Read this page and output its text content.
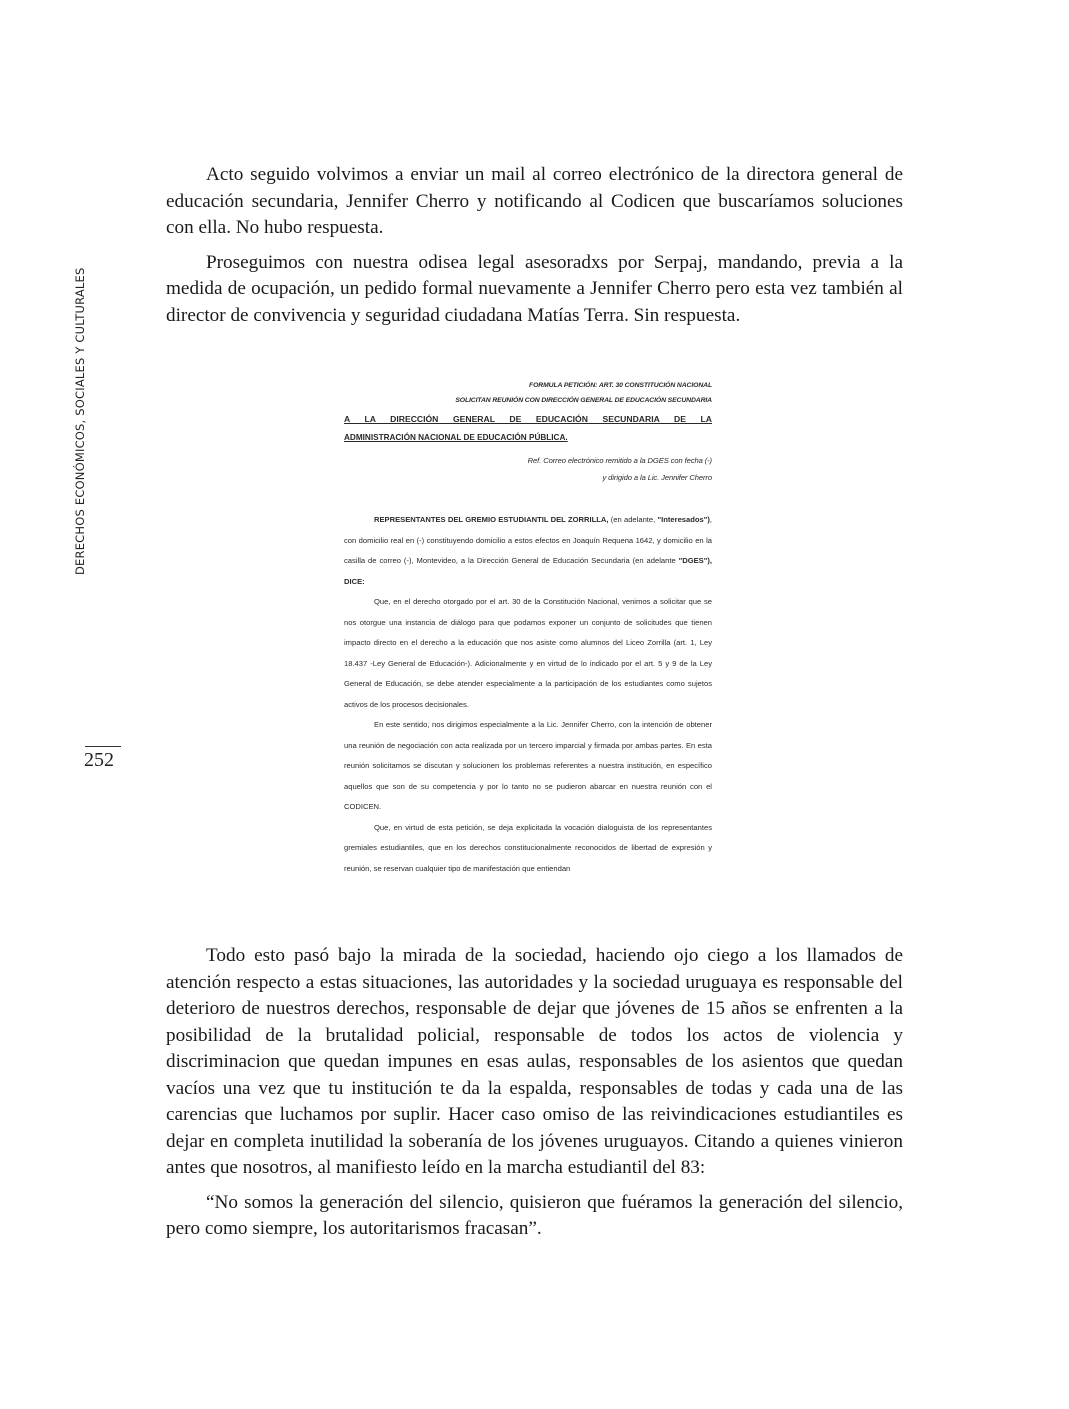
DERECHOS ECONÓMICOS, SOCIALES Y CULTURALES
252

Acto seguido volvimos a enviar un mail al correo electrónico de la directora general de educación secundaria, Jennifer Cherro y notificando al Codicen que buscaríamos soluciones con ella. No hubo respuesta.

Proseguimos con nuestra odisea legal asesoradxs por Serpaj, mandando, previa a la medida de ocupación, un pedido formal nuevamente a Jennifer Cherro pero esta vez también al director de convivencia y seguridad ciudadana Matías Terra. Sin respuesta.

FORMULA PETICIÓN: ART. 30 CONSTITUCIÓN NACIONAL
SOLICITAN REUNIÓN CON DIRECCIÓN GENERAL DE EDUCACIÓN SECUNDARIA
A LA DIRECCIÓN GENERAL DE EDUCACIÓN SECUNDARIA DE LA
ADMINISTRACIÓN NACIONAL DE EDUCACIÓN PÚBLICA.
Ref. Correo electrónico remitido a la DGES con fecha (-)
y dirigido a la Lic. Jennifer Cherro

REPRESENTANTES DEL GREMIO ESTUDIANTIL DEL ZORRILLA, (en adelante, "Interesados"), con domicilio real en (-) constituyendo domicilio a estos efectos en Joaquín Requena 1642, y domicilio en la casilla de correo (-), Montevideo, a la Dirección General de Educación Secundaria (en adelante "DGES"), DICE:

Que, en el derecho otorgado por el art. 30 de la Constitución Nacional, venimos a solicitar que se nos otorgue una instancia de diálogo para que podamos exponer un conjunto de solicitudes que tienen impacto directo en el derecho a la educación que nos asiste como alumnos del Liceo Zorrilla (art. 1, Ley 18.437 -Ley General de Educación-). Adicionalmente y en virtud de lo indicado por el art. 5 y 9 de la Ley General de Educación, se debe atender especialmente a la participación de los estudiantes como sujetos activos de los procesos decisionales.

En este sentido, nos dirigimos especialmente a la Lic. Jennifer Cherro, con la intención de obtener una reunión de negociación con acta realizada por un tercero imparcial y firmada por ambas partes. En esta reunión solicitamos se discutan y solucionen los problemas referentes a nuestra institución, en específico aquellos que son de su competencia y por lo tanto no se pudieron abarcar en nuestra reunión con el CODICEN.

Que, en virtud de esta petición, se deja explicitada la vocación dialoguista de los representantes gremiales estudiantiles, que en los derechos constitucionalmente reconocidos de libertad de expresión y reunión, se reservan cualquier tipo de manifestación que entiendan

Todo esto pasó bajo la mirada de la sociedad, haciendo ojo ciego a los llamados de atención respecto a estas situaciones, las autoridades y la sociedad uruguaya es responsable del deterioro de nuestros derechos, responsable de dejar que jóvenes de 15 años se enfrenten a la posibilidad de la brutalidad policial, responsable de todos los actos de violencia y discriminacion que quedan impunes en esas aulas, responsables de los asientos que quedan vacíos una vez que tu institución te da la espalda, responsables de todas y cada una de las carencias que luchamos por suplir. Hacer caso omiso de las reivindicaciones estudiantiles es dejar en completa inutilidad la soberanía de los jóvenes uruguayos. Citando a quienes vinieron antes que nosotros, al manifiesto leído en la marcha estudiantil del 83:

“No somos la generación del silencio, quisieron que fuéramos la generación del silencio, pero como siempre, los autoritarismos fracasan”.
